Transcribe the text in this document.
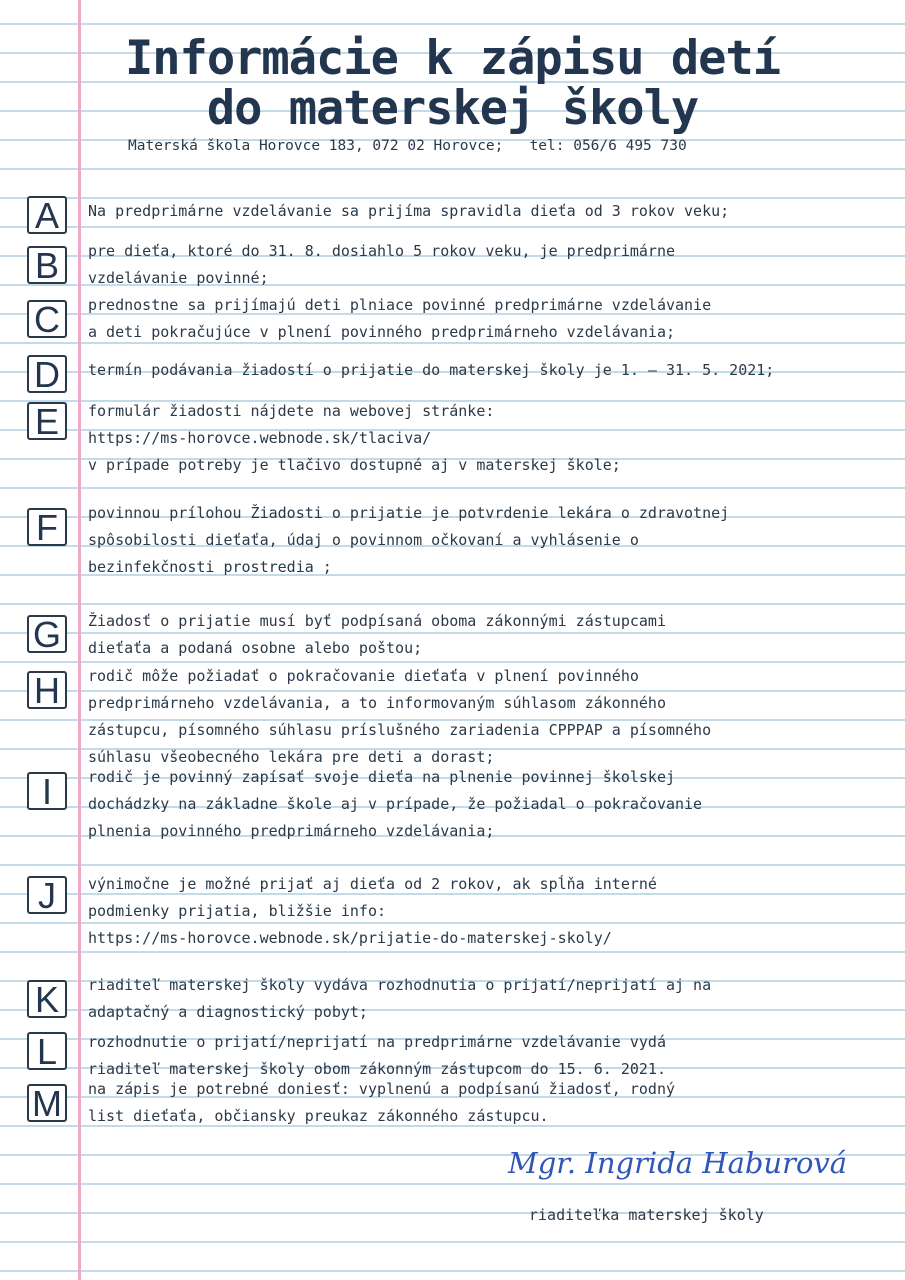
Informácie k zápisu detí
do materskej školy
Materská škola Horovce 183, 072 02 Horovce;   tel: 056/6 495 730
A	Na predprimárne vzdelávanie sa prijíma spravidla dieťa od 3 rokov veku;
B	pre dieťa, ktoré do 31. 8. dosiahlo 5 rokov veku, je predprimárne
vzdelávanie povinné;
C	prednostne sa prijímajú deti plniace povinné predprimárne vzdelávanie
a deti pokračujúce v plnení povinného predprimárneho vzdelávania;
D	termín podávania žiadostí o prijatie do materskej školy je 1. – 31. 5. 2021;
E	formulár žiadosti nájdete na webovej stránke:
https://ms-horovce.webnode.sk/tlaciva/
v prípade potreby je tlačivo dostupné aj v materskej škole;
F	povinnou prílohou Žiadosti o prijatie je potvrdenie lekára o zdravotnej
spôsobilosti dieťaťa, údaj o povinnom očkovaní a vyhlásenie o
bezinfekčnosti prostredia ;
G	Žiadosť o prijatie musí byť podpísaná oboma zákonnými zástupcami
dieťaťa a podaná osobne alebo poštou;
H	rodič môže požiadať o pokračovanie dieťaťa v plnení povinného
predprimárneho vzdelávania, a to informovaným súhlasom zákonného
zástupcu, písomného súhlasu príslušného zariadenia CPPPAP a písomného
súhlasu všeobecného lekára pre deti a dorast;
I	rodič je povinný zapísať svoje dieťa na plnenie povinnej školskej
dochádzky na základne škole aj v prípade, že požiadal o pokračovanie
plnenia povinného predprimárneho vzdelávania;
J	výnimočne je možné prijať aj dieťa od 2 rokov, ak spĺňa interné
podmienky prijatia, bližšie info:
https://ms-horovce.webnode.sk/prijatie-do-materskej-skoly/
K	riaditeľ materskej školy vydáva rozhodnutia o prijatí/neprijatí aj na
adaptačný a diagnostický pobyt;
L	rozhodnutie o prijatí/neprijatí na predprimárne vzdelávanie vydá
riaditeľ materskej školy obom zákonným zástupcom do 15. 6. 2021.
M	na zápis je potrebné doniesť: vyplnenú a podpísanú žiadosť, rodný
list dieťaťa, občiansky preukaz zákonného zástupcu.
Mgr. Ingrida Haburová
riaditeľka materskej školy
